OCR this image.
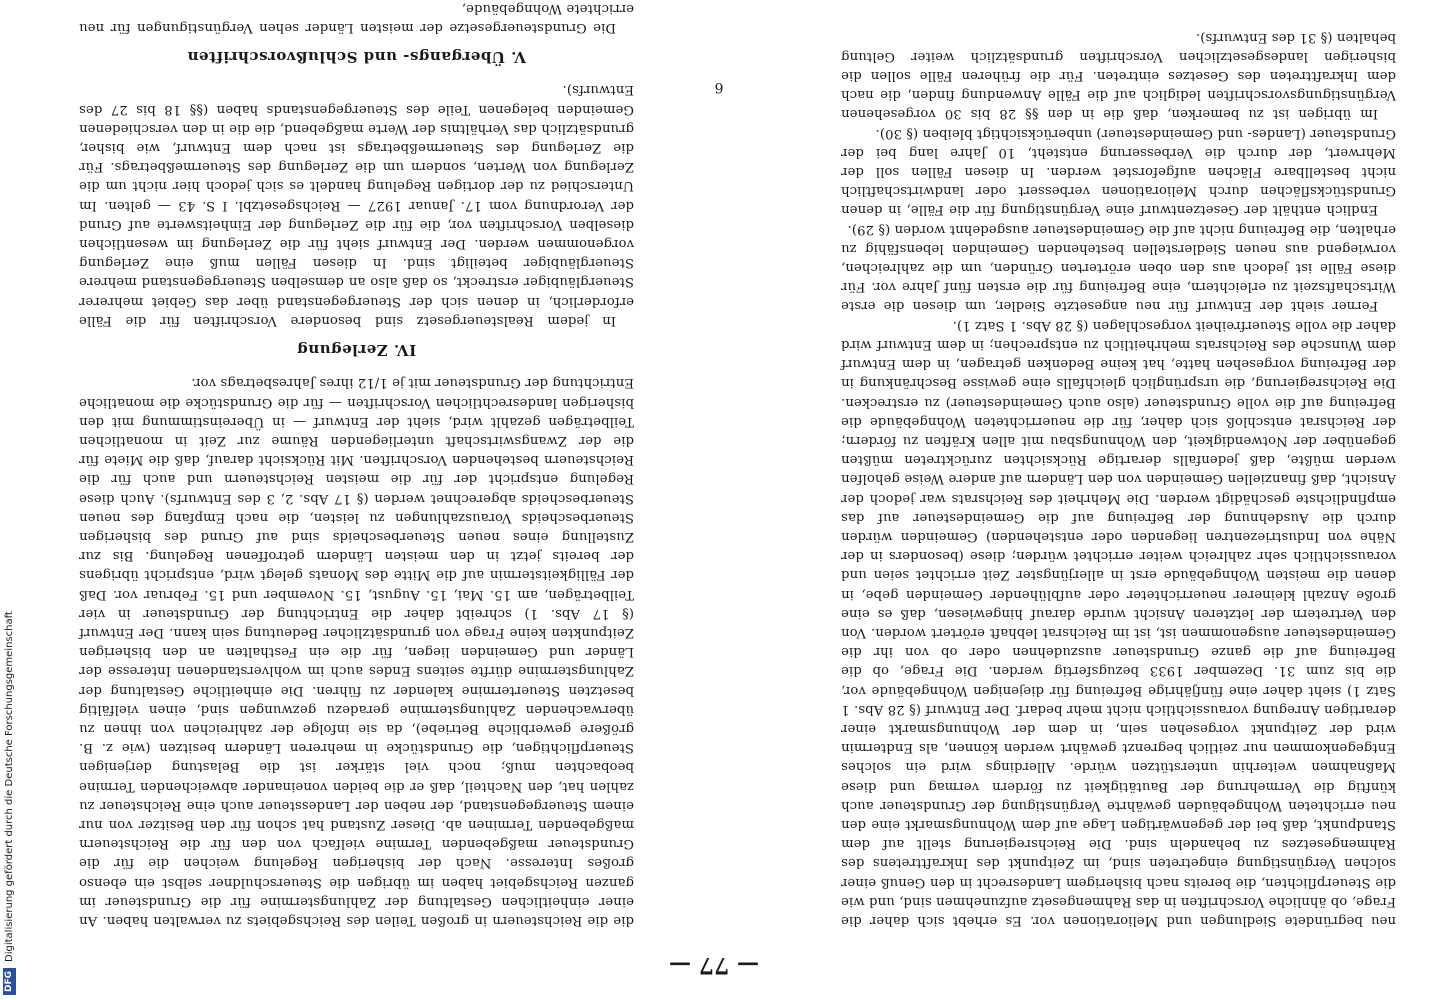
— 77 —

neu begründete Siedlungen und Meliorationen vor. Es erhebt sich daher die Frage, ob ähnliche Vorschriften in das Rahmengesetz aufzunehmen sind, und wie die Steuerpflichten, die bereits nach bisherigem Landesrecht in den Genuß einer solchen Vergünstigung eingetreten sind, im Zeitpunkt des Inkrafttretens des Rahmengesetzes zu behandeln sind. Die Reichsregierung stellt auf dem Standpunkt, daß bei der gegenwärtigen Lage auf dem Wohnungsmarkt eine den neu errichteten Wohngebäuden gewährte Vergünstigung der Grundsteuer auch künftig die Vermehrung der Bautätigkeit zu fördern vermag und diese Maßnahmen weiterhin unterstützen würde. Allerdings wird ein solches Entgegenkommen nur zeitlich begrenzt gewährt werden können, als Endtermin wird der Zeitpunkt vorgesehen sein, in dem der Wohnungsmarkt einer derartigen Anregung voraussichtlich nicht mehr bedarf. Der Entwurf (§ 28 Abs. 1 Satz 1) sieht daher eine fünfjährige Befreiung für diejenigen Wohngebäude vor, die bis zum 31. Dezember 1933 bezugsfertig werden. Die Frage, ob die Befreiung auf die ganze Grundsteuer auszudehnen oder ob von ihr die Gemeindesteuer ausgenommen ist, ist im Reichsrat lebhaft erörtert worden. Von den Vertretern der letzteren Ansicht wurde darauf hingewiesen, daß es eine große Anzahl kleinerer neuerrichteter oder aufblühender Gemeinden gebe, in denen die meisten Wohngebäude erst in allerjüngster Zeit errichtet seien und voraussichtlich sehr zahlreich weiter errichtet würden; diese (besonders in der Nähe von Industriezentren liegenden oder entstehenden) Gemeinden würden durch die Ausdehnung der Befreiung auf die Gemeindesteuer auf das empfindlichste geschädigt werden. Die Mehrheit des Reichsrats war jedoch der Ansicht, daß finanziellen Gemeinden von den Ländern auf andere Weise geholfen werden müßte, daß jedenfalls derartige Rücksichten zurücktreten müßten gegenüber der Notwendigkeit, den Wohnungsbau mit allen Kräften zu fördern; der Reichsrat entschloß sich daher, für die neuerrichteten Wohngebäude die Befreiung auf die volle Grundsteuer (also auch Gemeindesteuer) zu erstrecken. Die Reichsregierung, die ursprünglich gleichfalls eine gewisse Beschränkung in der Befreiung vorgesehen hatte, hat keine Bedenken getragen, in dem Entwurf dem Wunsche des Reichsrats mehrheitlich zu entsprechen; in dem Entwurf wird daher die volle Steuerfreiheit vorgeschlagen (§ 28 Abs. 1 Satz 1).

Ferner sieht der Entwurf für neu angesetzte Siedler, um diesen die erste Wirtschaftszeit zu erleichtern, eine Befreiung für die ersten fünf Jahre vor. Für diese Fälle ist jedoch aus den oben erörterten Gründen, um die zahlreichen, vorwiegend aus neuen Siedlerstellen bestehenden Gemeinden lebensfähig zu erhalten, die Befreiung nicht auf die Gemeindesteuer ausgedehnt worden (§ 29).

Endlich enthält der Gesetzentwurf eine Vergünstigung für die Fälle, in denen Grundstücksflächen durch Meliorationen verbessert oder landwirtschaftlich nicht bestellbare Flächen aufgeforstet werden. In diesen Fällen soll der Mehrwert, der durch die Verbesserung entsteht, 10 Jahre lang bei der Grundsteuer (Landes- und Gemeindesteuer) unberücksichtigt bleiben (§ 30).

Im übrigen ist zu bemerken, daß die in den §§ 28 bis 30 vorgesehenen Vergünstigungsvorschriften lediglich auf die Fälle Anwendung finden, die nach dem Inkrafttreten des Gesetzes eintreten. Für die früheren Fälle sollen die bisherigen landesgesetzlichen Vorschriften grundsätzlich weiter Geltung behalten (§ 31 des Entwurfs).

die die Reichsteuern in großen Teilen des Reichsgebiets zu verwalten haben. An einer einheitlichen Gestaltung der Zahlungstermine für die Grundsteuer im ganzen Reichsgebiet haben im übrigen die Steuerschuldner selbst ein ebenso großes Interesse. Nach der bisherigen Regelung weichen die für die Grundsteuer maßgebenden Termine vielfach von den für die Reichsteuern maßgebenden Terminen ab. Dieser Zustand hat schon für den Besitzer von nur einem Steuergegenstand, der neben der Landessteuer auch eine Reichsteuer zu zahlen hat, den Nachteil, daß er die beiden voneinander abweichenden Termine beobachten muß; noch viel stärker ist die Belastung derjenigen Steuerpflichtigen, die Grundstücke in mehreren Ländern besitzen (wie z. B. größere gewerbliche Betriebe), da sie infolge der zahlreichen von ihnen zu überwachenden Zahlungstermine geradezu gezwungen sind, einen vielfältig besetzten Steuertermine kalender zu führen. Die einheitliche Gestaltung der Zahlungstermine dürfte seitens Endes auch im wohlverstandenen Interesse der Länder und Gemeinden liegen, für die ein Festhalten an den bisherigen Zeitpunkten keine Frage von grundsätzlicher Bedeutung sein kann. Der Entwurf (§ 17 Abs. 1) schreibt daher die Entrichtung der Grundsteuer in vier Teilbeträgen, am 15. Mai, 15. August, 15. November und 15. Februar vor. Daß der Fälligkeitstermin auf die Mitte des Monats gelegt wird, entspricht übrigens der bereits jetzt in den meisten Ländern getroffenen Regelung. Bis zur Zustellung eines neuen Steuerbescheids sind auf Grund des bisherigen Steuerbescheids Vorauszahlungen zu leisten, die nach Empfang des neuen Steuerbescheids abgerechnet werden (§ 17 Abs. 2, 3 des Entwurfs). Auch diese Regelung entspricht der für die meisten Reichsteuern und auch für die Reichsteuern bestehenden Vorschriften. Mit Rücksicht darauf, daß die Miete für die der Zwangswirtschaft unterliegenden Räume zur Zeit in monatlichen Teilbeträgen gezahlt wird, sieht der Entwurf — in Übereinstimmung mit den bisherigen landesrechtlichen Vorschriften — für die Grundstücke die monatliche Entrichtung der Grundsteuer mit je 1/12 ihres Jahresbetrags vor.

IV. Zerlegung

In jedem Realsteuergesetz sind besondere Vorschriften für die Fälle erforderlich, in denen sich der Steuergegenstand über das Gebiet mehrerer Steuergläubiger erstreckt, so daß also an demselben Steuergegenstand mehrere Steuergläubiger beteiligt sind. In diesen Fällen muß eine Zerlegung vorgenommen werden. Der Entwurf sieht für die Zerlegung im wesentlichen dieselben Vorschriften vor, die für die Zerlegung der Einheitswerte auf Grund der Verordnung vom 17. Januar 1927 — Reichsgesetzbl. I S. 43 — gelten. Im Unterschied zu der dortigen Regelung handelt es sich jedoch hier nicht um die Zerlegung von Werten, sondern um die Zerlegung des Steuermeßbetrags. Für die Zerlegung des Steuermeßbetrags ist nach dem Entwurf, wie bisher, grundsätzlich das Verhältnis der Werte maßgebend, die die in den verschiedenen Gemeinden belegenen Teile des Steuergegenstands haben (§§ 18 bis 27 des Entwurfs).

V. Übergangs- und Schlußvorschriften

Die Grundsteuergesetze der meisten Länder sehen Vergünstigungen für neu errichtete Wohngebäude,

6
DFGDigitalisierung gefördert durch die Deutsche Forschungsgemeinschaft
